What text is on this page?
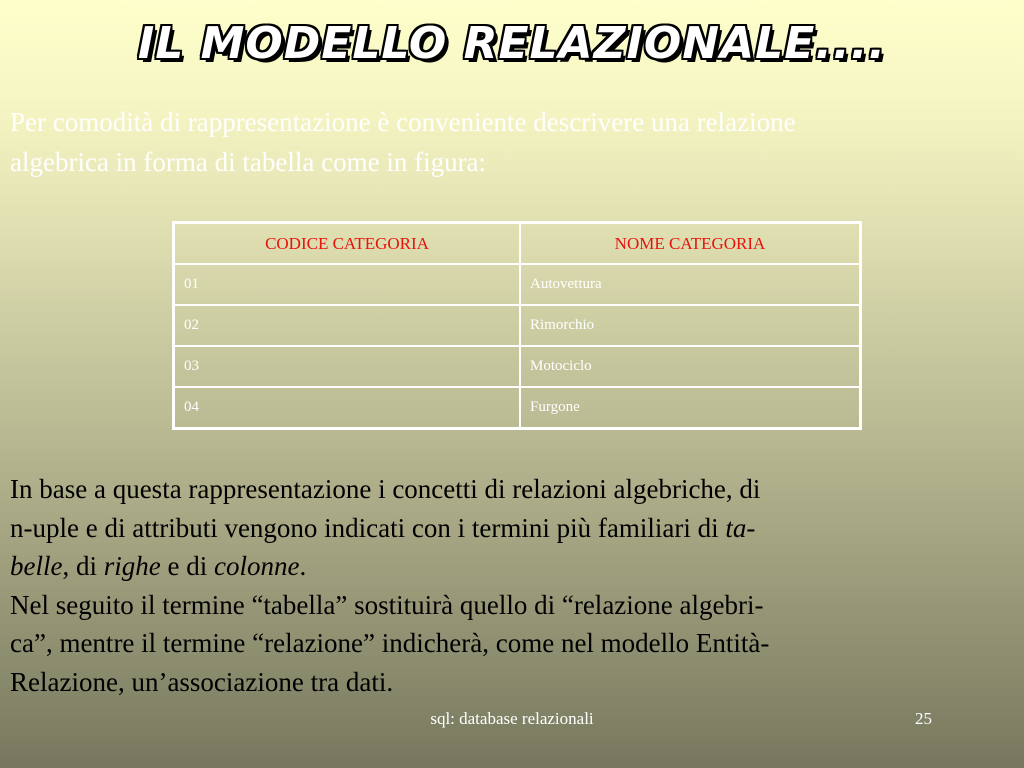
IL MODELLO RELAZIONALE....
Per comodità di rappresentazione è conveniente descrivere una relazione
algebrica in forma di tabella come in figura:
CODICE CATEGORIA	NOME CATEGORIA
01	Autovettura
02	Rimorchio
03	Motociclo
04	Furgone

In base a questa rappresentazione i concetti di relazioni algebriche, di
n-uple e di attributi vengono indicati con i termini più familiari di ta-
belle, di righe e di colonne.

Nel seguito il termine “tabella” sostituirà quello di “relazione algebri-
ca”, mentre il termine “relazione” indicherà, come nel modello Entità-
Relazione, un’associazione tra dati.

sql: database relazionali	25
